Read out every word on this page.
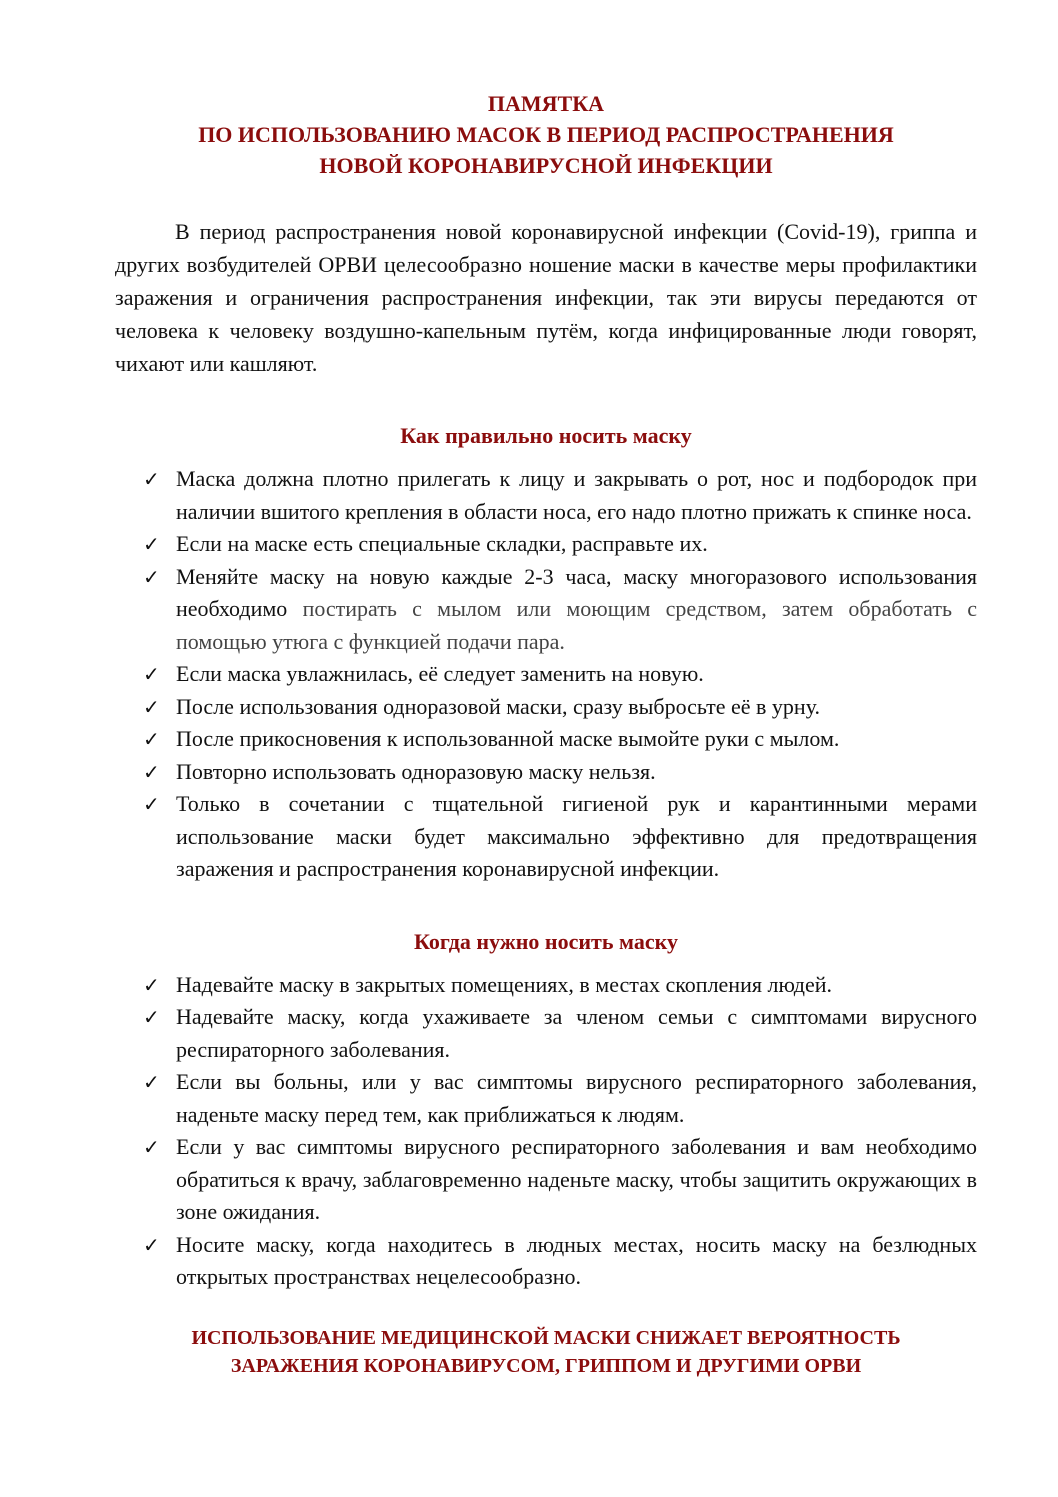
ПАМЯТКА
ПО ИСПОЛЬЗОВАНИЮ МАСОК В ПЕРИОД РАСПРОСТРАНЕНИЯ
НОВОЙ КОРОНАВИРУСНОЙ ИНФЕКЦИИ

В период распространения новой коронавирусной инфекции (Covid-19), гриппа и других возбудителей ОРВИ целесообразно ношение маски в качестве меры профилактики заражения и ограничения распространения инфекции, так эти вирусы передаются от человека к человеку воздушно-капельным путём, когда инфицированные люди говорят, чихают или кашляют.

Как правильно носить маску
✓ Маска должна плотно прилегать к лицу и закрывать о рот, нос и подбородок при наличии вшитого крепления в области носа, его надо плотно прижать к спинке носа.
✓ Если на маске есть специальные складки, расправьте их.
✓ Меняйте маску на новую каждые 2-3 часа, маску многоразового использования необходимо постирать с мылом или моющим средством, затем обработать с помощью утюга с функцией подачи пара.
✓ Если маска увлажнилась, её следует заменить на новую.
✓ После использования одноразовой маски, сразу выбросьте её в урну.
✓ После прикосновения к использованной маске вымойте руки с мылом.
✓ Повторно использовать одноразовую маску нельзя.
✓ Только в сочетании с тщательной гигиеной рук и карантинными мерами использование маски будет максимально эффективно для предотвращения заражения и распространения коронавирусной инфекции.
Когда нужно носить маску
✓ Надевайте маску в закрытых помещениях, в местах скопления людей.
✓ Надевайте маску, когда ухаживаете за членом семьи с симптомами вирусного респираторного заболевания.
✓ Если вы больны, или у вас симптомы вирусного респираторного заболевания, наденьте маску перед тем, как приближаться к людям.
✓ Если у вас симптомы вирусного респираторного заболевания и вам необходимо обратиться к врачу, заблаговременно наденьте маску, чтобы защитить окружающих в зоне ожидания.
✓ Носите маску, когда находитесь в людных местах, носить маску на безлюдных открытых пространствах нецелесообразно.
ИСПОЛЬЗОВАНИЕ МЕДИЦИНСКОЙ МАСКИ СНИЖАЕТ ВЕРОЯТНОСТЬ
ЗАРАЖЕНИЯ КОРОНАВИРУСОМ, ГРИППОМ И ДРУГИМИ ОРВИ
